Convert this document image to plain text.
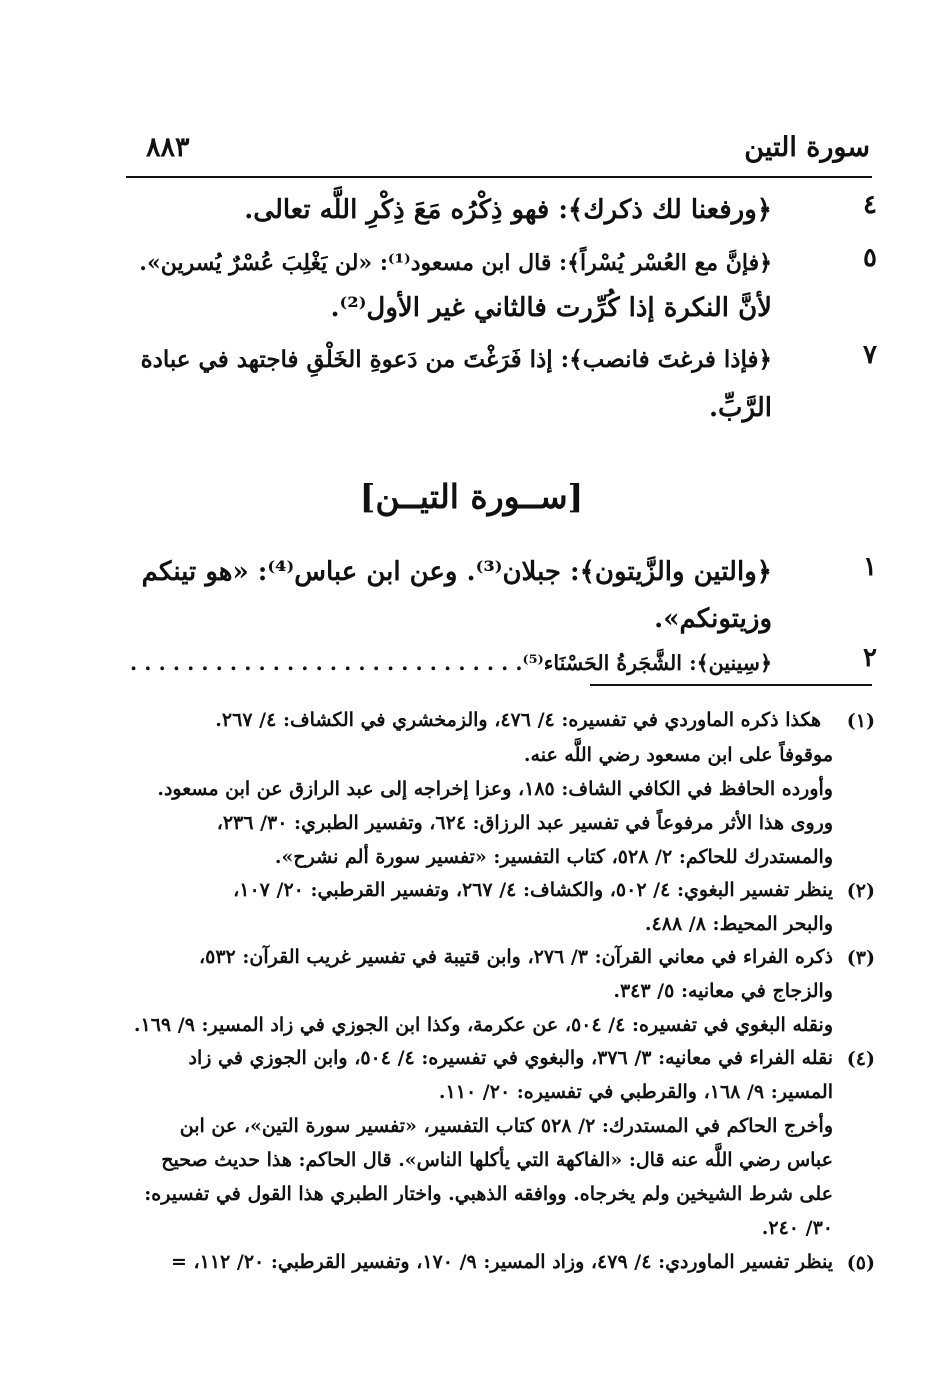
سورة التين
٨٨٣
٤
﴿ورفعنا لك ذكرك﴾: فهو ذِكْرُه مَعَ ذِكْرِ اللَّه تعالى.
٥
﴿فإنَّ مع العُسْر يُسْراً﴾: قال ابن مسعود⁽¹⁾: «لن يَغْلِبَ عُسْرٌ يُسرين».
لأنَّ النكرة إذا كُرِّرت فالثاني غير الأول⁽²⁾.
٧
﴿فإذا فرغتَ فانصب﴾: إذا فَرَغْتَ من دَعوةِ الخَلْقِ فاجتهد في عبادة
الرَّبِّ.
[ســورة التيــن]
١
﴿والتين والزَّيتون﴾: جبلان⁽³⁾. وعن ابن عباس⁽⁴⁾: «هو تينكم
وزيتونكم».
٢
﴿سِينين﴾: الشَّجَرةُ الحَسْنَاء⁽⁵⁾. . . . . . . . . . . . . . . . . . . . . . . . . . . .
(١)
هكذا ذكره الماوردي في تفسيره: ٤/ ٤٧٦، والزمخشري في الكشاف: ٤/ ٢٦٧.
موقوفاً على ابن مسعود رضي اللَّه عنه.
وأورده الحافظ في الكافي الشاف: ١٨٥، وعزا إخراجه إلى عبد الرازق عن ابن مسعود.
وروى هذا الأثر مرفوعاً في تفسير عبد الرزاق: ٦٢٤، وتفسير الطبري: ٣٠/ ٢٣٦،
والمستدرك للحاكم: ٢/ ٥٢٨، كتاب التفسير: «تفسير سورة ألم نشرح».
(٢)
ينظر تفسير البغوي: ٤/ ٥٠٢، والكشاف: ٤/ ٢٦٧، وتفسير القرطبي: ٢٠/ ١٠٧،
والبحر المحيط: ٨/ ٤٨٨.
(٣)
ذكره الفراء في معاني القرآن: ٣/ ٢٧٦، وابن قتيبة في تفسير غريب القرآن: ٥٣٢،
والزجاج في معانيه: ٥/ ٣٤٣.
ونقله البغوي في تفسيره: ٤/ ٥٠٤، عن عكرمة، وكذا ابن الجوزي في زاد المسير: ٩/ ١٦٩.
(٤)
نقله الفراء في معانيه: ٣/ ٣٧٦، والبغوي في تفسيره: ٤/ ٥٠٤، وابن الجوزي في زاد
المسير: ٩/ ١٦٨، والقرطبي في تفسيره: ٢٠/ ١١٠.
وأخرج الحاكم في المستدرك: ٢/ ٥٢٨ كتاب التفسير، «تفسير سورة التين»، عن ابن
عباس رضي اللَّه عنه قال: «الفاكهة التي يأكلها الناس». قال الحاكم: هذا حديث صحيح
على شرط الشيخين ولم يخرجاه. ووافقه الذهبي. واختار الطبري هذا القول في تفسيره:
٣٠/ ٢٤٠.
(٥)
ينظر تفسير الماوردي: ٤/ ٤٧٩، وزاد المسير: ٩/ ١٧٠، وتفسير القرطبي: ٢٠/ ١١٢، =
